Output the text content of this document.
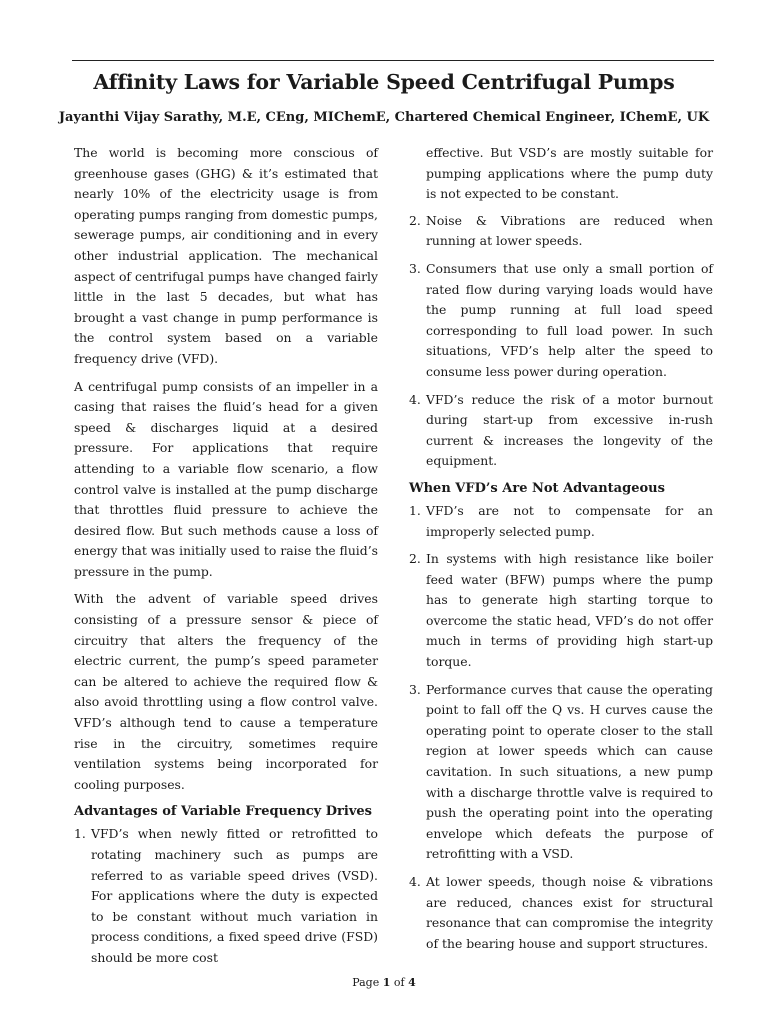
Affinity Laws for Variable Speed Centrifugal Pumps
Jayanthi Vijay Sarathy, M.E, CEng, MIChemE, Chartered Chemical Engineer, IChemE, UK

The world is becoming more conscious of greenhouse gases (GHG) & it’s estimated that nearly 10% of the electricity usage is from operating pumps ranging from domestic pumps, sewerage pumps, air conditioning and in every other industrial application. The mechanical aspect of centrifugal pumps have changed fairly little in the last 5 decades, but what has brought a vast change in pump performance is the control system based on a variable frequency drive (VFD).

A centrifugal pump consists of an impeller in a casing that raises the fluid’s head for a given speed & discharges liquid at a desired pressure. For applications that require attending to a variable flow scenario, a flow control valve is installed at the pump discharge that throttles fluid pressure to achieve the desired flow. But such methods cause a loss of energy that was initially used to raise the fluid’s pressure in the pump.

With the advent of variable speed drives consisting of a pressure sensor & piece of circuitry that alters the frequency of the electric current, the pump’s speed parameter can be altered to achieve the required flow & also avoid throttling using a flow control valve. VFD’s although tend to cause a temperature rise in the circuitry, sometimes require ventilation systems being incorporated for cooling purposes.

Advantages of Variable Frequency Drives
1. VFD’s when newly fitted or retrofitted to rotating machinery such as pumps are referred to as variable speed drives (VSD). For applications where the duty is expected to be constant without much variation in process conditions, a fixed speed drive (FSD) should be more cost

effective. But VSD’s are mostly suitable for pumping applications where the pump duty is not expected to be constant.

2. Noise & Vibrations are reduced when running at lower speeds.
3. Consumers that use only a small portion of rated flow during varying loads would have the pump running at full load speed corresponding to full load power. In such situations, VFD’s help alter the speed to consume less power during operation.
4. VFD’s reduce the risk of a motor burnout during start-up from excessive in-rush current & increases the longevity of the equipment.
When VFD’s Are Not Advantageous
1. VFD’s are not to compensate for an improperly selected pump.
2. In systems with high resistance like boiler feed water (BFW) pumps where the pump has to generate high starting torque to overcome the static head, VFD’s do not offer much in terms of providing high start-up torque.
3. Performance curves that cause the operating point to fall off the Q vs. H curves cause the operating point to operate closer to the stall region at lower speeds which can cause cavitation. In such situations, a new pump with a discharge throttle valve is required to push the operating point into the operating envelope which defeats the purpose of retrofitting with a VSD.
4. At lower speeds, though noise & vibrations are reduced, chances exist for structural resonance that can compromise the integrity of the bearing house and support structures.
Page 1 of 4
